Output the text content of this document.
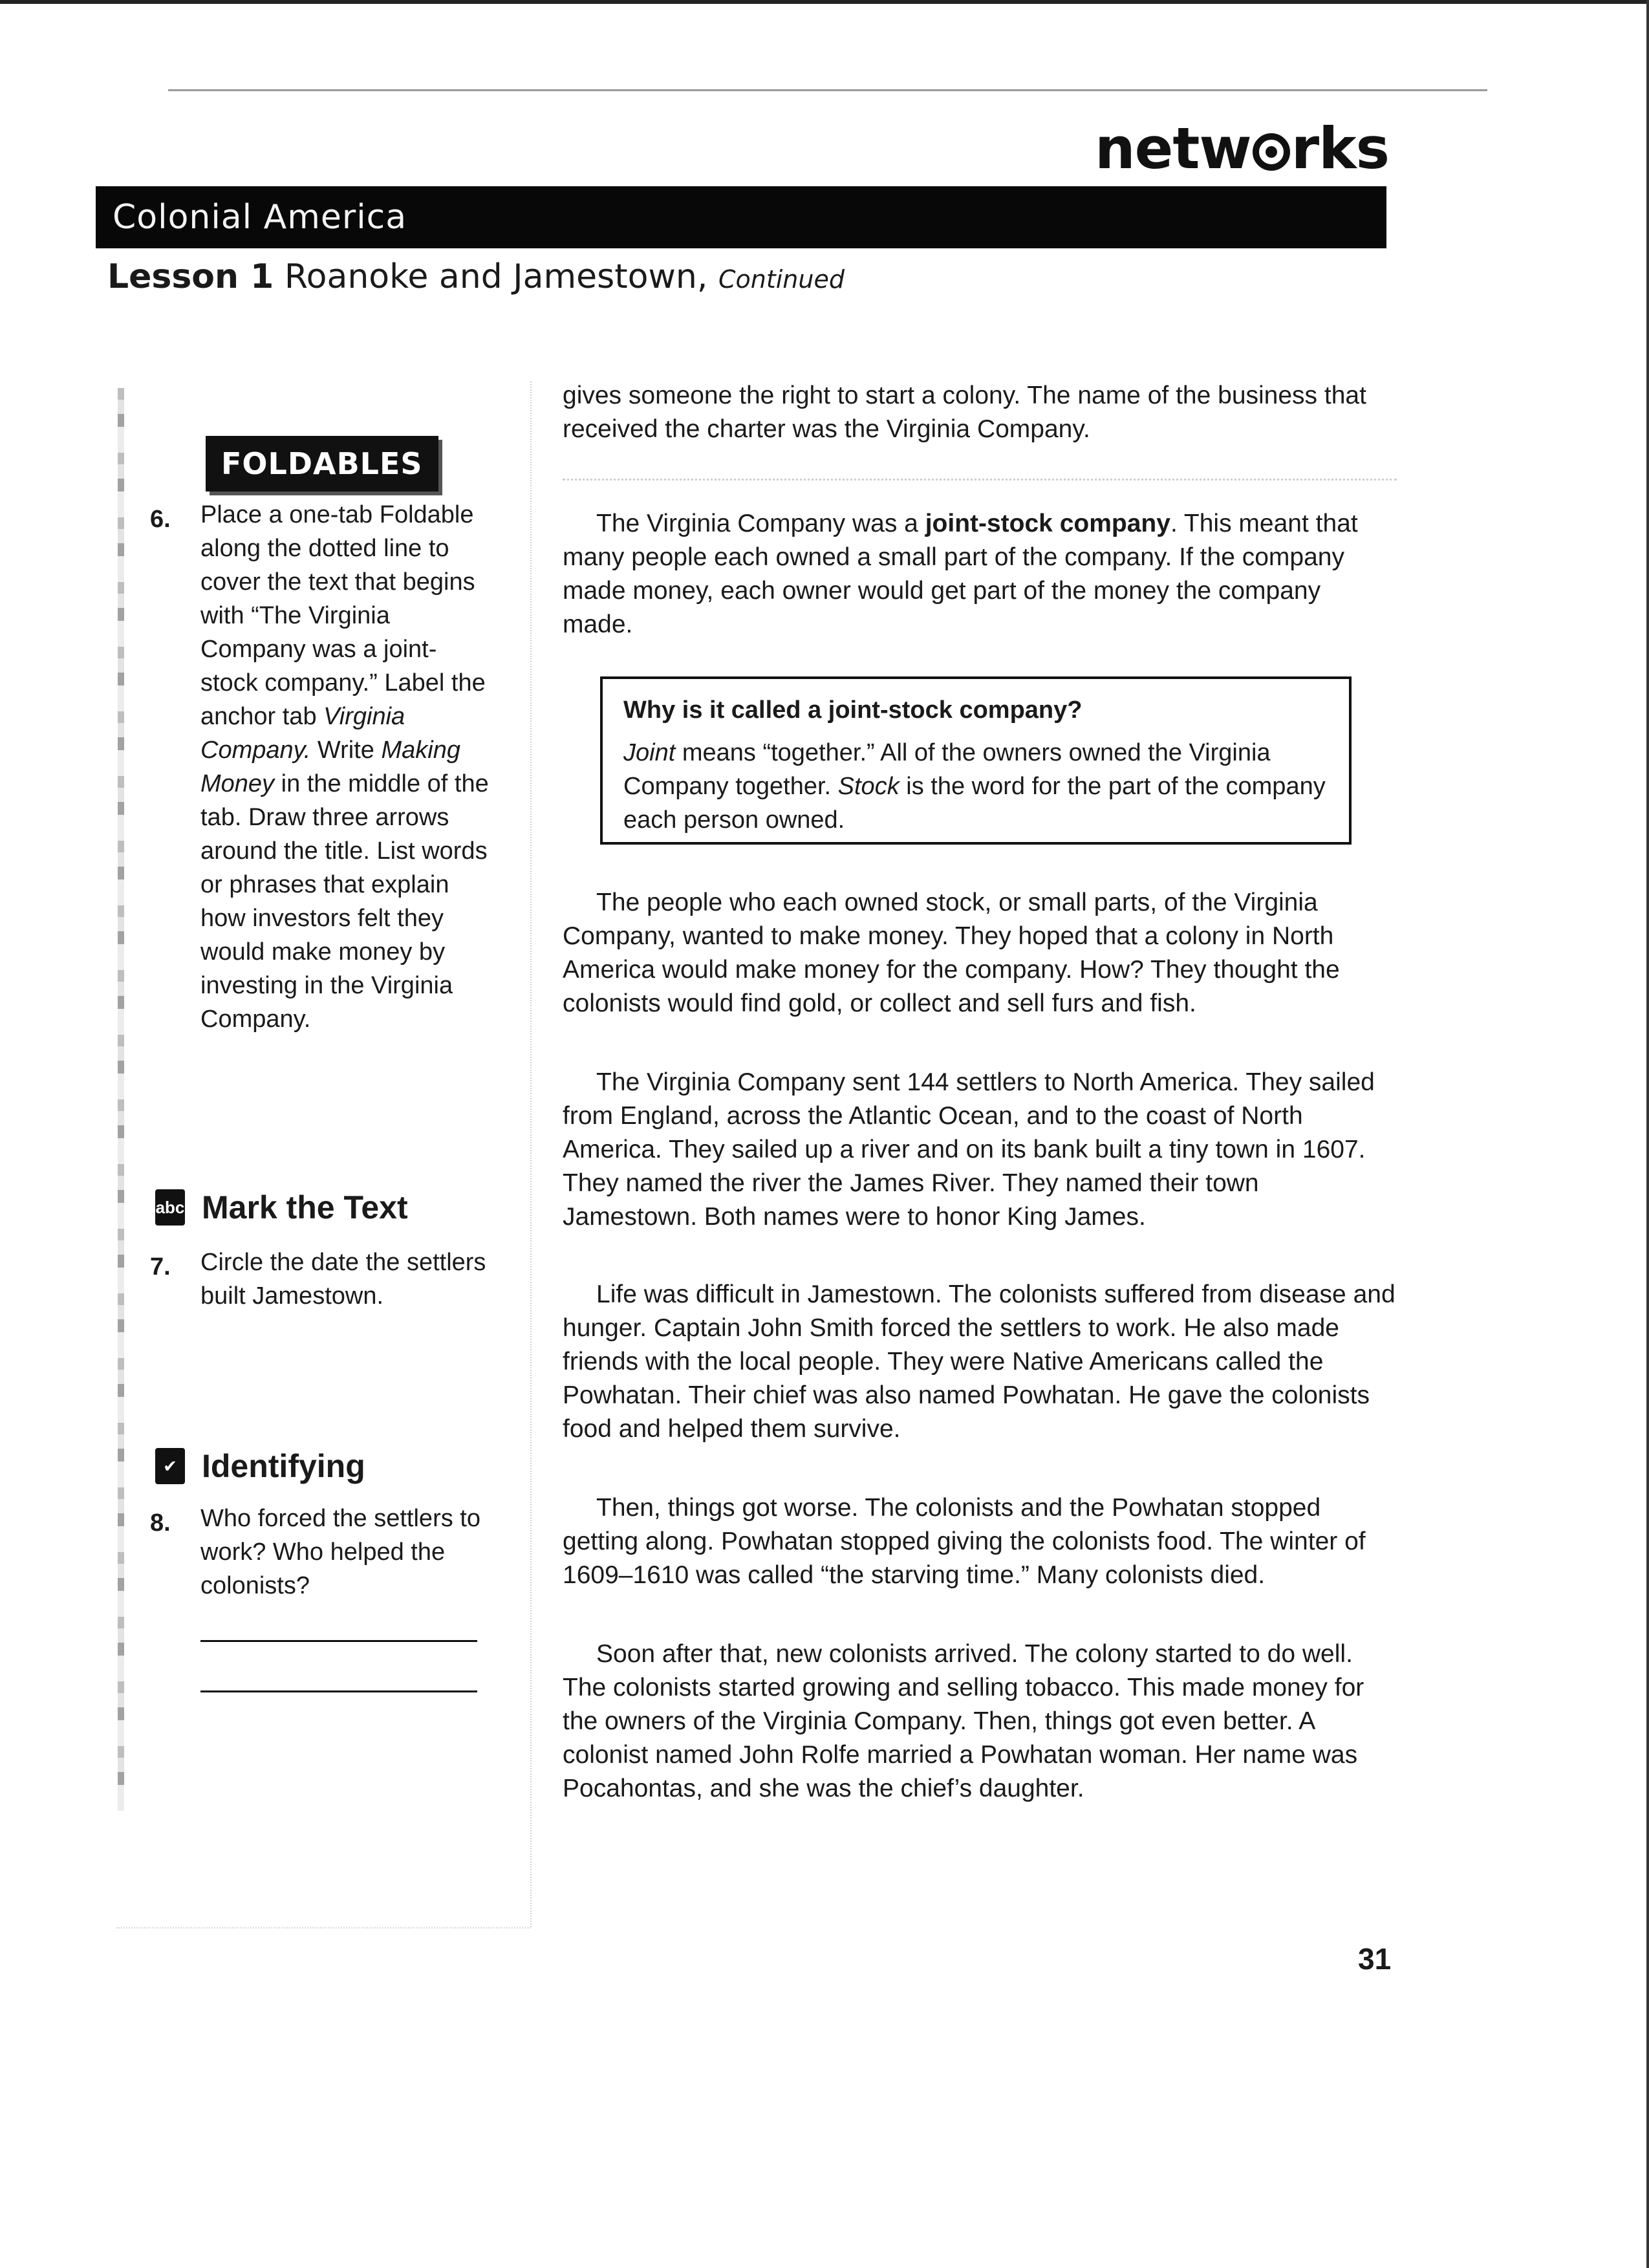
netw rks
Colonial America
Lesson 1 Roanoke and Jamestown, Continued
FOLDABLES
6. Place a one-tab Foldable along the dotted line to cover the text that begins with “The Virginia Company was a joint-stock company.” Label the anchor tab Virginia Company. Write Making Money in the middle of the tab. Draw three arrows around the title. List words or phrases that explain how investors felt they would make money by investing in the Virginia Company.
abc Mark the Text
7. Circle the date the settlers built Jamestown.
✔ Identifying
8. Who forced the settlers to work? Who helped the colonists?
gives someone the right to start a colony. The name of the business that received the charter was the Virginia Company.
The Virginia Company was a joint-stock company. This meant that many people each owned a small part of the company. If the company made money, each owner would get part of the money the company made.
Why is it called a joint-stock company?
Joint means “together.” All of the owners owned the Virginia Company together. Stock is the word for the part of the company each person owned.
The people who each owned stock, or small parts, of the Virginia Company, wanted to make money. They hoped that a colony in North America would make money for the company. How? They thought the colonists would find gold, or collect and sell furs and fish.
The Virginia Company sent 144 settlers to North America. They sailed from England, across the Atlantic Ocean, and to the coast of North America. They sailed up a river and on its bank built a tiny town in 1607. They named the river the James River. They named their town Jamestown. Both names were to honor King James.
Life was difficult in Jamestown. The colonists suffered from disease and hunger. Captain John Smith forced the settlers to work. He also made friends with the local people. They were Native Americans called the Powhatan. Their chief was also named Powhatan. He gave the colonists food and helped them survive.
Then, things got worse. The colonists and the Powhatan stopped getting along. Powhatan stopped giving the colonists food. The winter of 1609–1610 was called “the starving time.” Many colonists died.
Soon after that, new colonists arrived. The colony started to do well. The colonists started growing and selling tobacco. This made money for the owners of the Virginia Company. Then, things got even better. A colonist named John Rolfe married a Powhatan woman. Her name was Pocahontas, and she was the chief’s daughter.
31
